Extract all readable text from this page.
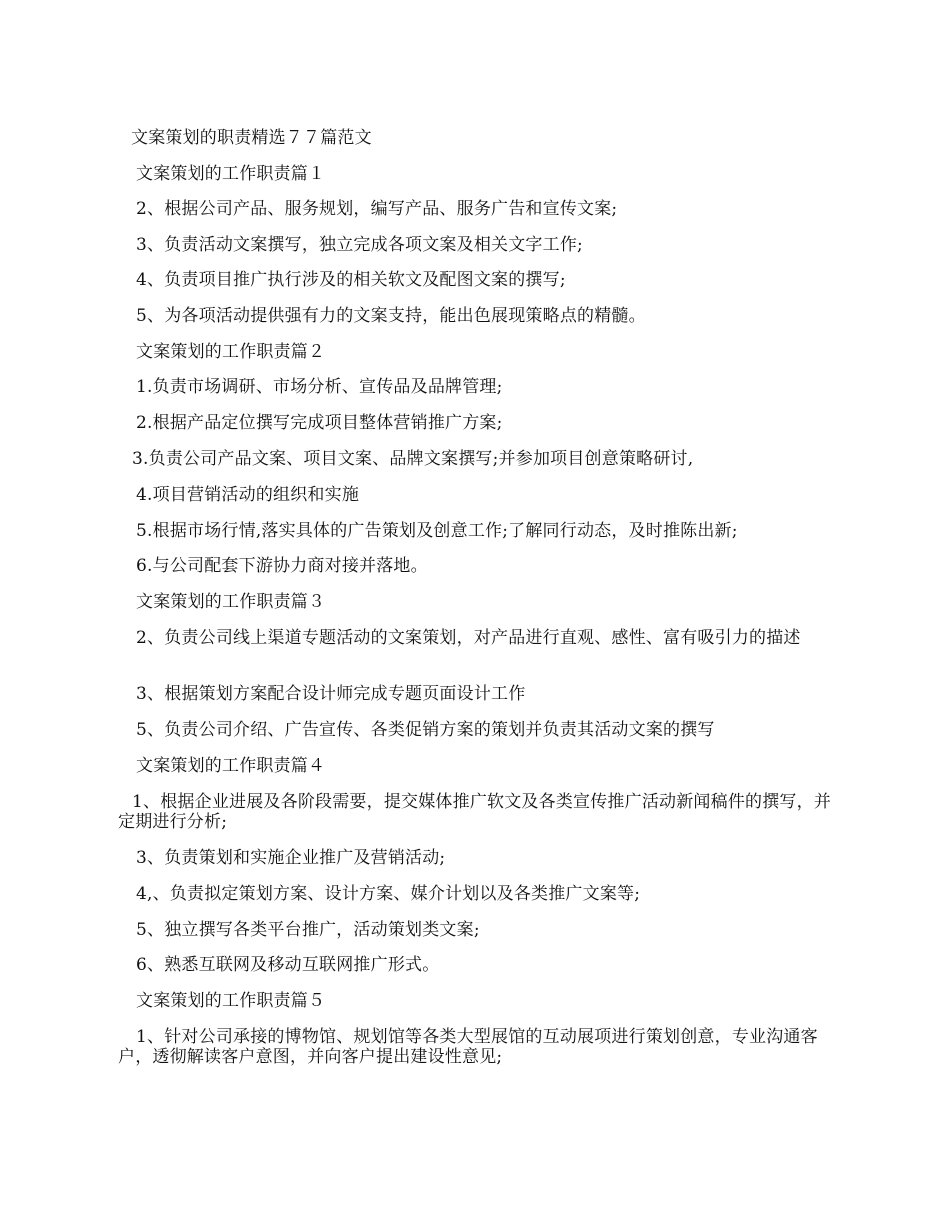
文案策划的职责精选７７篇范文
文案策划的工作职责篇１
2、根据公司产品、服务规划，编写产品、服务广告和宣传文案;
3、负责活动文案撰写，独立完成各项文案及相关文字工作;
4、负责项目推广执行涉及的相关软文及配图文案的撰写;
5、为各项活动提供强有力的文案支持，能出色展现策略点的精髓。
文案策划的工作职责篇２
1.负责市场调研、市场分析、宣传品及品牌管理;
2.根据产品定位撰写完成项目整体营销推广方案;
3.负责公司产品文案、项目文案、品牌文案撰写;并参加项目创意策略研讨,
4.项目营销活动的组织和实施
5.根据市场行情,落实具体的广告策划及创意工作;了解同行动态，及时推陈出新;
6.与公司配套下游协力商对接并落地。
文案策划的工作职责篇３
2、负责公司线上渠道专题活动的文案策划，对产品进行直观、感性、富有吸引力的描述
3、根据策划方案配合设计师完成专题页面设计工作
5、负责公司介绍、广告宣传、各类促销方案的策划并负责其活动文案的撰写
文案策划的工作职责篇４
1、根据企业进展及各阶段需要，提交媒体推广软文及各类宣传推广活动新闻稿件的撰写，并定期进行分析;
3、负责策划和实施企业推广及营销活动;
4,、负责拟定策划方案、设计方案、媒介计划以及各类推广文案等;
5、独立撰写各类平台推广，活动策划类文案;
6、熟悉互联网及移动互联网推广形式。
文案策划的工作职责篇５
1、针对公司承接的博物馆、规划馆等各类大型展馆的互动展项进行策划创意，专业沟通客户，透彻解读客户意图，并向客户提出建设性意见;
